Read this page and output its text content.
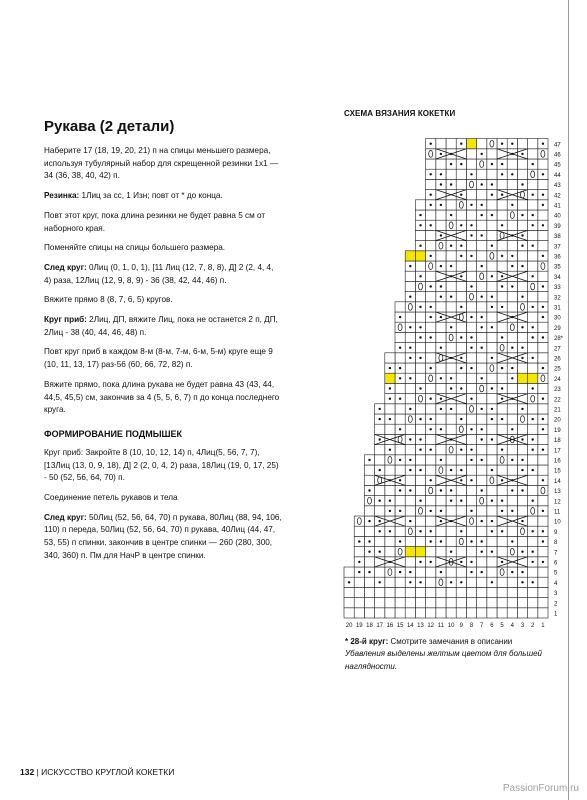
Рукава (2 детали)

Наберите 17 (18, 19, 20, 21) п на спицы меньшего размера, используя тубулярный набор для скрещенной резинки 1х1 — 34 (36, 38, 40, 42) п.

Резинка: 1Лиц за сс, 1 Изн; повт от * до конца.

Повт этот круг, пока длина резинки не будет равна 5 см от наборного края.

Поменяйте спицы на спицы большего размера.

След круг: 0Лиц (0, 1, 0, 1), [11 Лиц (12, 7, 8, 8), Д] 2 (2, 4, 4, 4) раза, 12Лиц (12, 9, 8, 9) - 36 (38, 42, 44, 46) п.

Вяжите прямо 8 (8, 7, 6, 5) кругов.

Круг приб: 2Лиц, ДП, вяжите Лиц, пока не останется 2 п, ДП, 2Лиц - 38 (40, 44, 46, 48) п.

Повт круг приб в каждом 8-м (8-м, 7-м, 6-м, 5-м) круге еще 9 (10, 11, 13, 17) раз-56 (60, 66, 72, 82) п.

Вяжите прямо, пока длина рукава не будет равна 43 (43, 44, 44,5, 45,5) см, закончив за 4 (5, 5, 6, 7) п до конца последнего круга.

ФОРМИРОВАНИЕ ПОДМЫШЕК

Круг приб: Закройте 8 (10, 10, 12, 14) п, 4Лиц(5, 56, 7, 7), [13Лиц (13, 0, 9, 18), Д] 2 (2, 0, 4, 2) раза, 18Лиц (19, 0, 17, 25) - 50 (52, 56, 64, 70) п.

Соединение петель рукавов и тела

След круг: 50Лиц (52, 56, 64, 70) п рукава, 80Лиц (88, 94, 106, 110) п переда, 50Лиц (52, 56, 64, 70) п рукава, 40Лиц (44, 47, 53, 55) п спинки, закончив в центре спинки — 260 (280, 300, 340, 360) п. Пм для НачР в центре спинки.

СХЕМА ВЯЗАНИЯ КОКЕТКИ
1
2
3
4
5
6
7
8
9
10
11
12
13
14
15
16
17
18
19
20
21
22
23
24
25
26
27
28*
29
30
31
32
33
34
35
36
37
38
39
40
41
42
43
44
45
46
47
1
2
3
4
5
6
7
8
9
10
11
12
13
14
15
16
17
18
19
20

* 28-й круг: Смотрите замечания в описании

Убавления выделены желтым цветом для большей наглядности.

132 | ИСКУССТВО КРУГЛОЙ КОКЕТКИ
PassionForum.ru
